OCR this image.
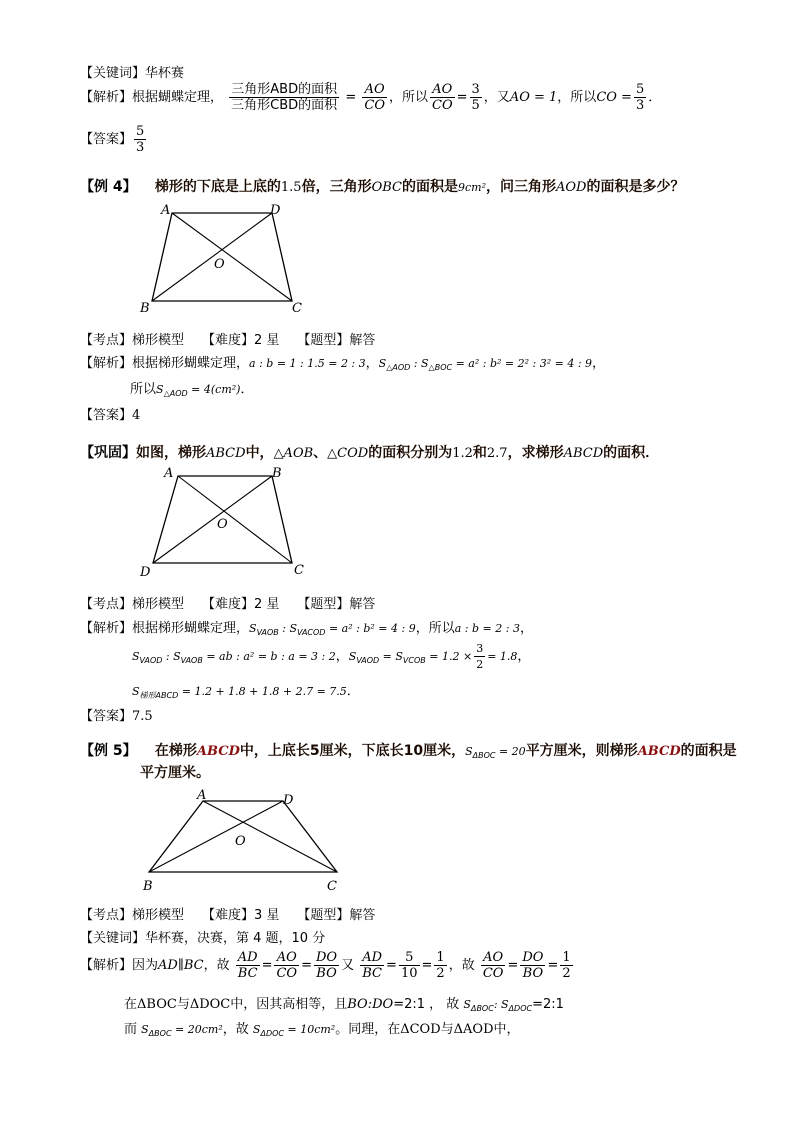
【关键词】华杯赛
【解析】根据蝴蝶定理， $\frac{\text{三角形ABD的面积}}{\text{三角形CBD的面积}} = \frac{AO}{CO}$ ，所以 $\frac{AO}{CO} = \frac{3}{5}$ ，又AO = 1，所以CO = $\frac{5}{3}$ ．
【答案】 $\frac{5}{3}$
【例 4】 梯形的下底是上底的1.5倍，三角形OBC的面积是9cm²，问三角形AOD的面积是多少？
A	D
O
B	C
【考点】梯形模型 【难度】2 星 【题型】解答
【解析】根据梯形蝴蝶定理，a : b = 1 : 1.5 = 2 : 3，$S_{\triangle AOD}$ : $S_{\triangle BOC} = a^2$ : b² = 2² : 3² = 4 : 9，
所以$S_{\triangle AOD} = 4(cm^2)$．
【答案】4
【巩固】如图，梯形ABCD中，△AOB、△COD的面积分别为1.2和2.7，求梯形ABCD的面积．
A	B
O
D	C
【考点】梯形模型 【难度】2 星 【题型】解答
【解析】根据梯形蝴蝶定理，$S_{VAOB}$ : $S_{VACOD} = a^2$ : b² = 4 : 9，所以a : b = 2 : 3，
$S_{VAOD}$ : $S_{VAOB}$ = ab : a² = b : a = 3 : 2，$S_{VAOD} = S_{VCOB} = 1.2 \times \frac{3}{2} = 1.8$，
$S_{梯形ABCD} = 1.2 + 1.8 + 1.8 + 2.7 = 7.5$．
【答案】7.5
【例 5】 在梯形ABCD中，上底长5厘米，下底长10厘米，$S_{\Delta BOC} = 20$平方厘米，则梯形ABCD的面积是
平方厘米。
A	D
O
B	C
【考点】梯形模型 【难度】3 星 【题型】解答
【关键词】华杯赛，决赛，第 4 题，10 分
【解析】因为AD∥BC，故 $\frac{AD}{BC} = \frac{AO}{CO} = \frac{DO}{BO}$ 又 $\frac{AD}{BC} = \frac{5}{10} = \frac{1}{2}$ ，故 $\frac{AO}{CO} = \frac{DO}{BO} = \frac{1}{2}$
在ΔBOC与ΔDOC中，因其高相等，且BO:DO=2:1 ， 故 $S_{\Delta BOC}$: $S_{\Delta DOC}=2:1$
而 $S_{\Delta BOC} = 20cm^2$，故 $S_{\Delta DOC} = 10cm^2$。同理，在ΔCOD与ΔAOD中，
